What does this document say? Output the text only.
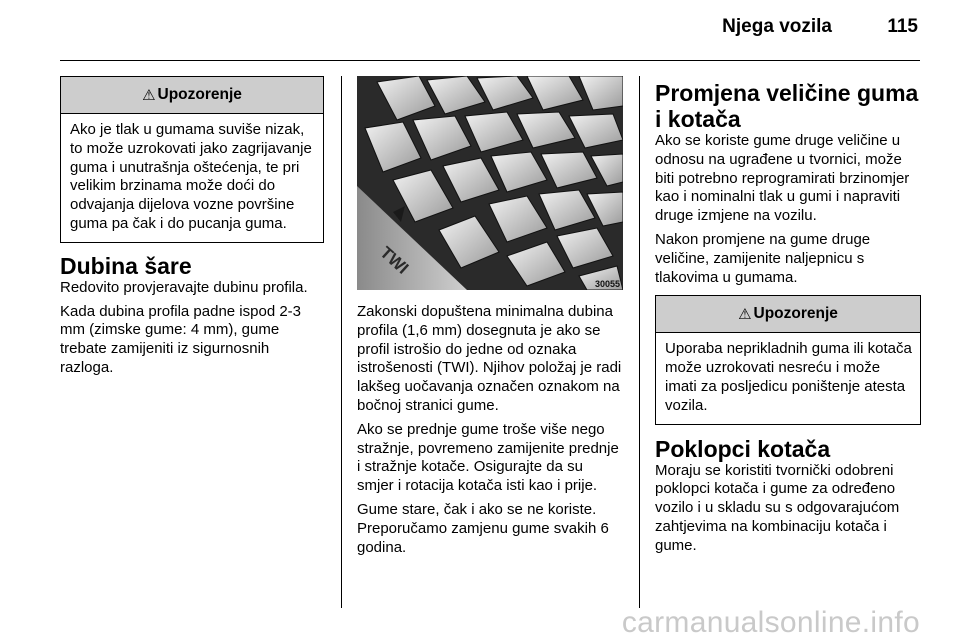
Njega vozila	115
⚠ Upozorenje
Ako je tlak u gumama suviše nizak, to može uzrokovati jako zagrijavanje guma i unutrašnja oštećenja, te pri velikim brzinama može doći do odvajanja dijelova vozne površine guma pa čak i do pucanja guma.
Dubina šare

Redovito provjeravajte dubinu profila.

Kada dubina profila padne ispod 2-3 mm (zimske gume: 4 mm), gume trebate zamijeniti iz sigurnosnih razloga.

TWI
30055

Zakonski dopuštena minimalna dubina profila (1,6 mm) dosegnuta je ako se profil istrošio do jedne od oznaka istrošenosti (TWI). Njihov položaj je radi lakšeg uočavanja označen oznakom na bočnoj stranici gume.

Ako se prednje gume troše više nego stražnje, povremeno zamijenite prednje i stražnje kotače. Osigurajte da su smjer i rotacija kotača isti kao i prije.

Gume stare, čak i ako se ne koriste. Preporučamo zamjenu gume svakih 6 godina.

Promjena veličine guma i kotača

Ako se koriste gume druge veličine u odnosu na ugrađene u tvornici, može biti potrebno reprogramirati brzinomjer kao i nominalni tlak u gumi i napraviti druge izmjene na vozilu.

Nakon promjene na gume druge veličine, zamijenite naljepnicu s tlakovima u gumama.

⚠ Upozorenje
Uporaba neprikladnih guma ili kotača može uzrokovati nesreću i može imati za posljedicu poništenje atesta vozila.
Poklopci kotača

Moraju se koristiti tvornički odobreni poklopci kotača i gume za određeno vozilo i u skladu su s odgovarajućom zahtjevima na kombinaciju kotača i gume.

carmanualsonline.info
